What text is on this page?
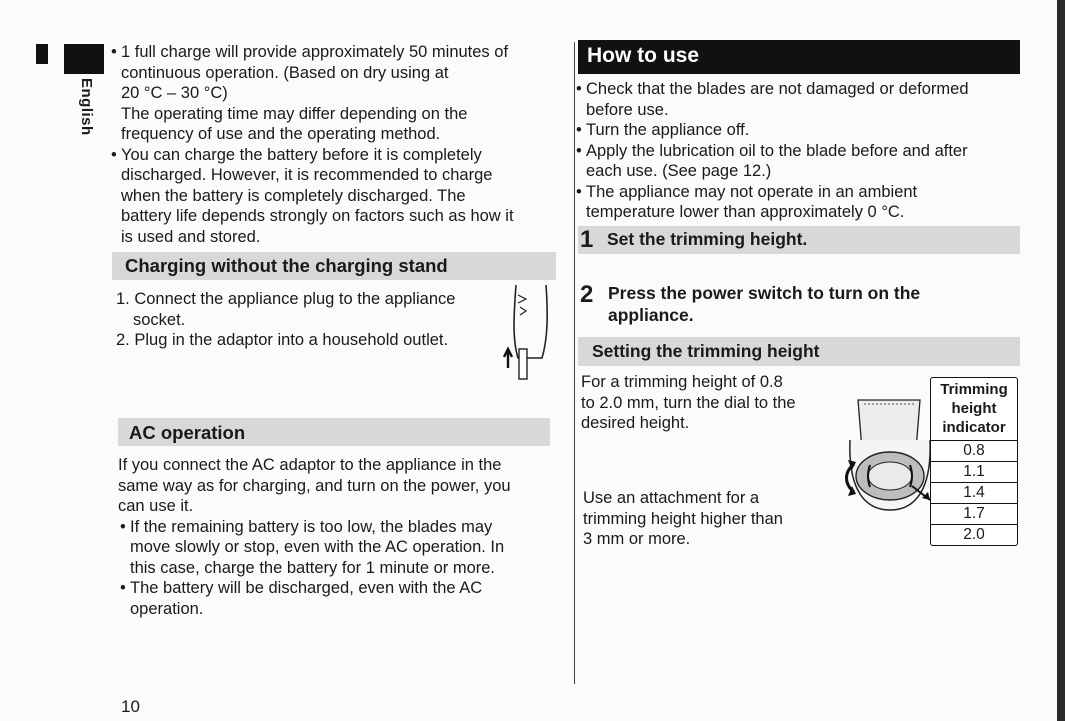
English
• 1 full charge will provide approximately 50 minutes of
continuous operation. (Based on dry using at
20 °C – 30 °C)
The operating time may differ depending on the
frequency of use and the operating method.
• You can charge the battery before it is completely
discharged. However, it is recommended to charge
when the battery is completely discharged. The
battery life depends strongly on factors such as how it
is used and stored.
Charging without the charging stand
1. Connect the appliance plug to the appliance
socket.
2. Plug in the adaptor into a household outlet.
AC operation
If you connect the AC adaptor to the appliance in the
same way as for charging, and turn on the power, you
can use it.
• If the remaining battery is too low, the blades may
move slowly or stop, even with the AC operation. In
this case, charge the battery for 1 minute or more.
• The battery will be discharged, even with the AC
operation.
10
How to use
• Check that the blades are not damaged or deformed
before use.
• Turn the appliance off.
• Apply the lubrication oil to the blade before and after
each use. (See page 12.)
• The appliance may not operate in an ambient
temperature lower than approximately 0 °C.
1 Set the trimming height.
2 Press the power switch to turn on the
appliance.
Setting the trimming height
For a trimming height of 0.8
to 2.0 mm, turn the dial to the
desired height.
Use an attachment for a
trimming height higher than
3 mm or more.
Trimming
height
indicator
0.8
1.1
1.4
1.7
2.0
